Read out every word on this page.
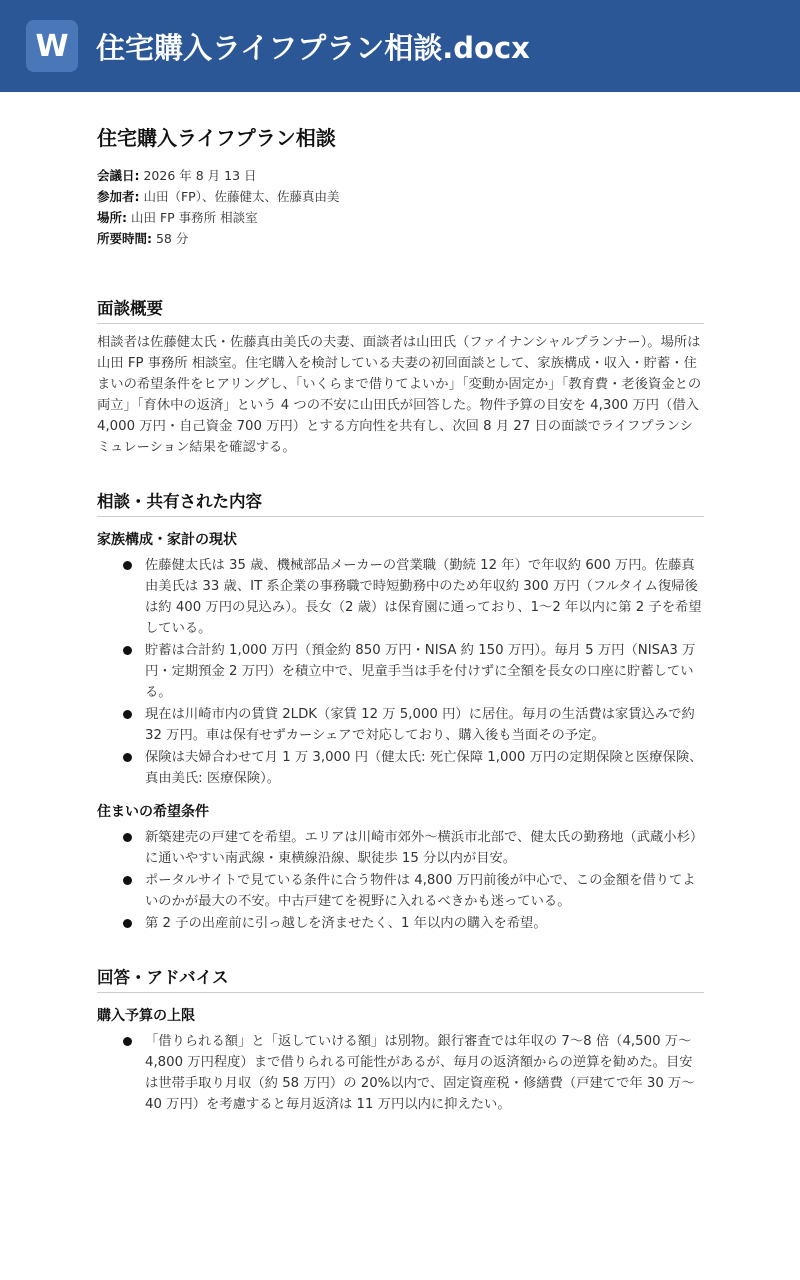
W 住宅購入ライフプラン相談.docx
住宅購入ライフプラン相談
会議日: 2026 年 8 月 13 日
参加者: 山田（FP）、佐藤健太、佐藤真由美
場所: 山田 FP 事務所 相談室
所要時間: 58 分
面談概要

相談者は佐藤健太氏・佐藤真由美氏の夫妻、面談者は山田氏（ファイナンシャルプランナー）。場所は山田 FP 事務所 相談室。住宅購入を検討している夫妻の初回面談として、家族構成・収入・貯蓄・住まいの希望条件をヒアリングし、「いくらまで借りてよいか」「変動か固定か」「教育費・老後資金との両立」「育休中の返済」という 4 つの不安に山田氏が回答した。物件予算の目安を 4,300 万円（借入 4,000 万円・自己資金 700 万円）とする方向性を共有し、次回 8 月 27 日の面談でライフプランシミュレーション結果を確認する。

相談・共有された内容
家族構成・家計の現状
佐藤健太氏は 35 歳、機械部品メーカーの営業職（勤続 12 年）で年収約 600 万円。佐藤真由美氏は 33 歳、IT 系企業の事務職で時短勤務中のため年収約 300 万円（フルタイム復帰後は約 400 万円の見込み）。長女（2 歳）は保育園に通っており、1〜2 年以内に第 2 子を希望している。
貯蓄は合計約 1,000 万円（預金約 850 万円・NISA 約 150 万円）。毎月 5 万円（NISA3 万円・定期預金 2 万円）を積立中で、児童手当は手を付けずに全額を長女の口座に貯蓄している。
現在は川崎市内の賃貸 2LDK（家賃 12 万 5,000 円）に居住。毎月の生活費は家賃込みで約 32 万円。車は保有せずカーシェアで対応しており、購入後も当面その予定。
保険は夫婦合わせて月 1 万 3,000 円（健太氏: 死亡保障 1,000 万円の定期保険と医療保険、真由美氏: 医療保険）。
住まいの希望条件
新築建売の戸建てを希望。エリアは川崎市郊外〜横浜市北部で、健太氏の勤務地（武蔵小杉）に通いやすい南武線・東横線沿線、駅徒歩 15 分以内が目安。
ポータルサイトで見ている条件に合う物件は 4,800 万円前後が中心で、この金額を借りてよいのかが最大の不安。中古戸建てを視野に入れるべきかも迷っている。
第 2 子の出産前に引っ越しを済ませたく、1 年以内の購入を希望。
回答・アドバイス
購入予算の上限
「借りられる額」と「返していける額」は別物。銀行審査では年収の 7〜8 倍（4,500 万〜4,800 万円程度）まで借りられる可能性があるが、毎月の返済額からの逆算を勧めた。目安は世帯手取り月収（約 58 万円）の 20%以内で、固定資産税・修繕費（戸建てで年 30 万〜40 万円）を考慮すると毎月返済は 11 万円以内に抑えたい。
